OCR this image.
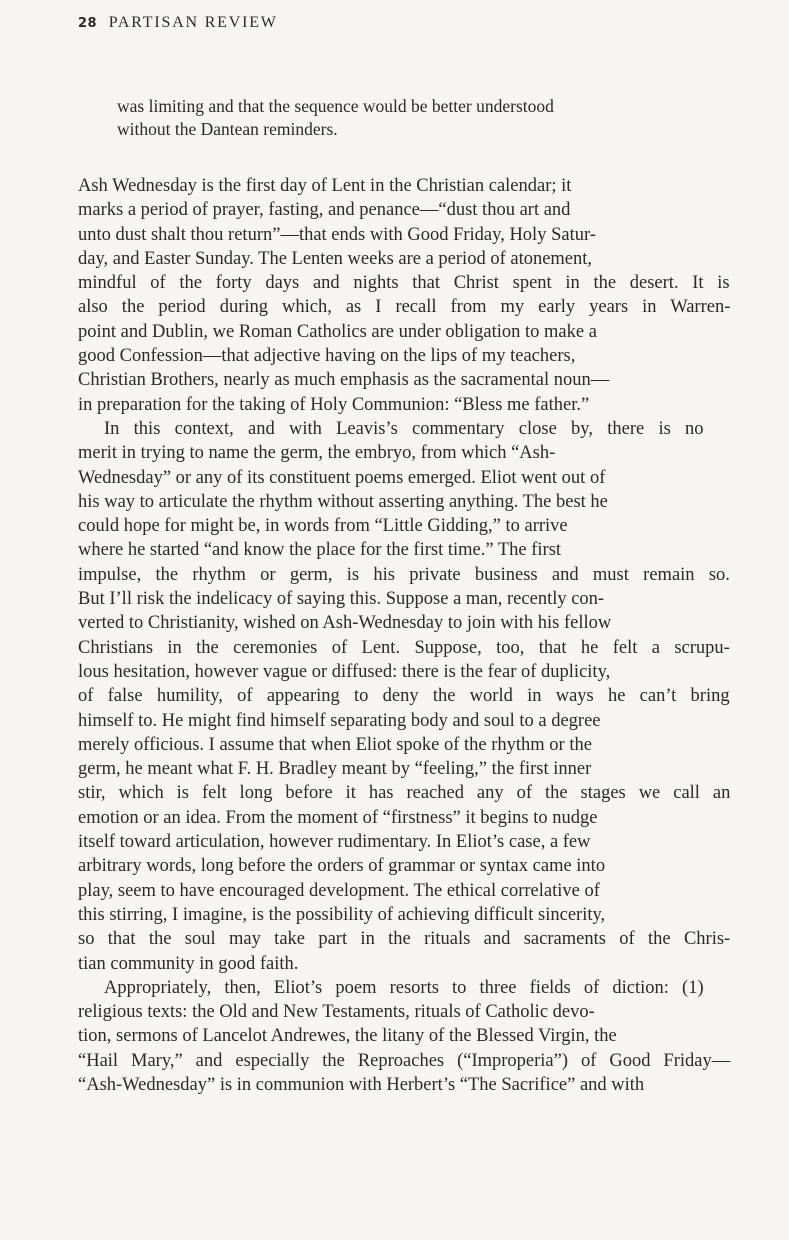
28 PARTISAN REVIEW
was limiting and that the sequence would be better understood
without the Dantean reminders.
Ash Wednesday is the first day of Lent in the Christian calendar; it
marks a period of prayer, fasting, and penance—“dust thou art and
unto dust shalt thou return”—that ends with Good Friday, Holy Satur-
day, and Easter Sunday. The Lenten weeks are a period of atonement,
mindful of the forty days and nights that Christ spent in the desert. It is
also the period during which, as I recall from my early years in Warren-
point and Dublin, we Roman Catholics are under obligation to make a
good Confession—that adjective having on the lips of my teachers,
Christian Brothers, nearly as much emphasis as the sacramental noun—
in preparation for the taking of Holy Communion: “Bless me father.”
In this context, and with Leavis’s commentary close by, there is no
merit in trying to name the germ, the embryo, from which “Ash-
Wednesday” or any of its constituent poems emerged. Eliot went out of
his way to articulate the rhythm without asserting anything. The best he
could hope for might be, in words from “Little Gidding,” to arrive
where he started “and know the place for the first time.” The first
impulse, the rhythm or germ, is his private business and must remain so.
But I’ll risk the indelicacy of saying this. Suppose a man, recently con-
verted to Christianity, wished on Ash-Wednesday to join with his fellow
Christians in the ceremonies of Lent. Suppose, too, that he felt a scrupu-
lous hesitation, however vague or diffused: there is the fear of duplicity,
of false humility, of appearing to deny the world in ways he can’t bring
himself to. He might find himself separating body and soul to a degree
merely officious. I assume that when Eliot spoke of the rhythm or the
germ, he meant what F. H. Bradley meant by “feeling,” the first inner
stir, which is felt long before it has reached any of the stages we call an
emotion or an idea. From the moment of “firstness” it begins to nudge
itself toward articulation, however rudimentary. In Eliot’s case, a few
arbitrary words, long before the orders of grammar or syntax came into
play, seem to have encouraged development. The ethical correlative of
this stirring, I imagine, is the possibility of achieving difficult sincerity,
so that the soul may take part in the rituals and sacraments of the Chris-
tian community in good faith.
Appropriately, then, Eliot’s poem resorts to three fields of diction: (1)
religious texts: the Old and New Testaments, rituals of Catholic devo-
tion, sermons of Lancelot Andrewes, the litany of the Blessed Virgin, the
“Hail Mary,” and especially the Reproaches (“Improperia”) of Good Friday—
“Ash-Wednesday” is in communion with Herbert’s “The Sacrifice” and with
